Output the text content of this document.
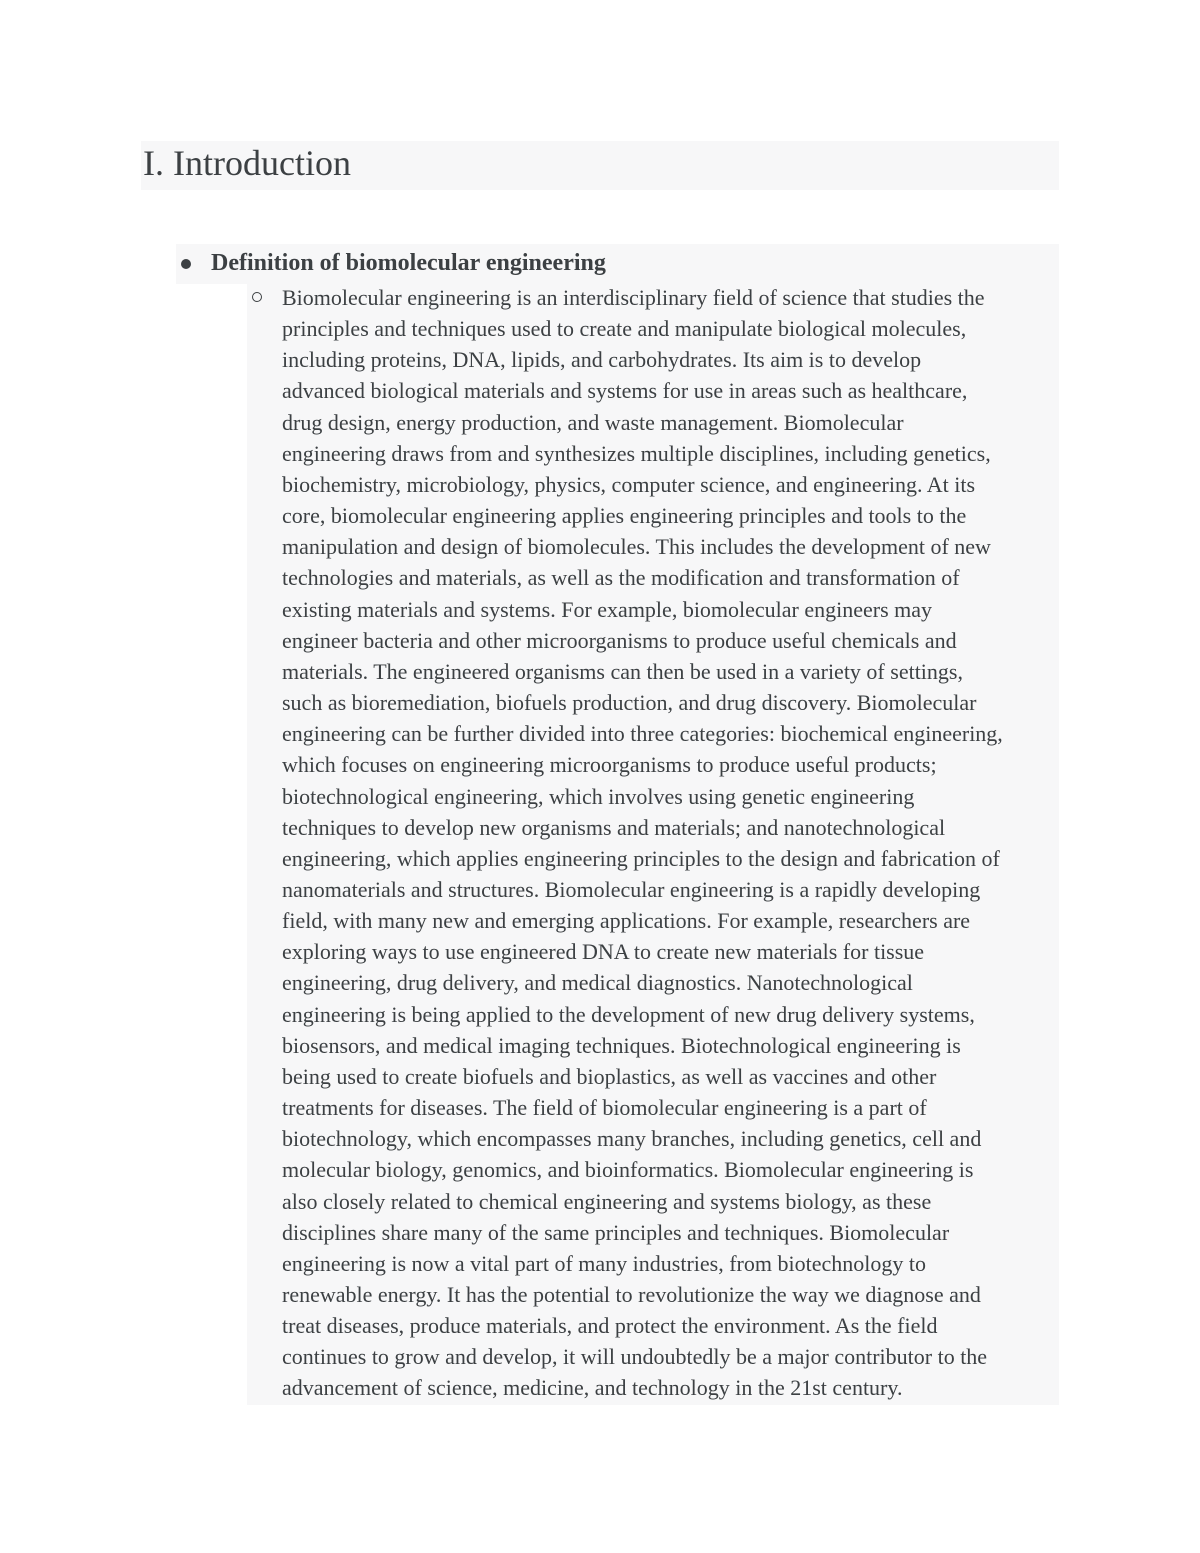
I. Introduction
Definition of biomolecular engineering

Biomolecular engineering is an interdisciplinary field of science that studies the
principles and techniques used to create and manipulate biological molecules,
including proteins, DNA, lipids, and carbohydrates. Its aim is to develop
advanced biological materials and systems for use in areas such as healthcare,
drug design, energy production, and waste management. Biomolecular
engineering draws from and synthesizes multiple disciplines, including genetics,
biochemistry, microbiology, physics, computer science, and engineering. At its
core, biomolecular engineering applies engineering principles and tools to the
manipulation and design of biomolecules. This includes the development of new
technologies and materials, as well as the modification and transformation of
existing materials and systems. For example, biomolecular engineers may
engineer bacteria and other microorganisms to produce useful chemicals and
materials. The engineered organisms can then be used in a variety of settings,
such as bioremediation, biofuels production, and drug discovery. Biomolecular
engineering can be further divided into three categories: biochemical engineering,
which focuses on engineering microorganisms to produce useful products;
biotechnological engineering, which involves using genetic engineering
techniques to develop new organisms and materials; and nanotechnological
engineering, which applies engineering principles to the design and fabrication of
nanomaterials and structures. Biomolecular engineering is a rapidly developing
field, with many new and emerging applications. For example, researchers are
exploring ways to use engineered DNA to create new materials for tissue
engineering, drug delivery, and medical diagnostics. Nanotechnological
engineering is being applied to the development of new drug delivery systems,
biosensors, and medical imaging techniques. Biotechnological engineering is
being used to create biofuels and bioplastics, as well as vaccines and other
treatments for diseases. The field of biomolecular engineering is a part of
biotechnology, which encompasses many branches, including genetics, cell and
molecular biology, genomics, and bioinformatics. Biomolecular engineering is
also closely related to chemical engineering and systems biology, as these
disciplines share many of the same principles and techniques. Biomolecular
engineering is now a vital part of many industries, from biotechnology to
renewable energy. It has the potential to revolutionize the way we diagnose and
treat diseases, produce materials, and protect the environment. As the field
continues to grow and develop, it will undoubtedly be a major contributor to the
advancement of science, medicine, and technology in the 21st century.
